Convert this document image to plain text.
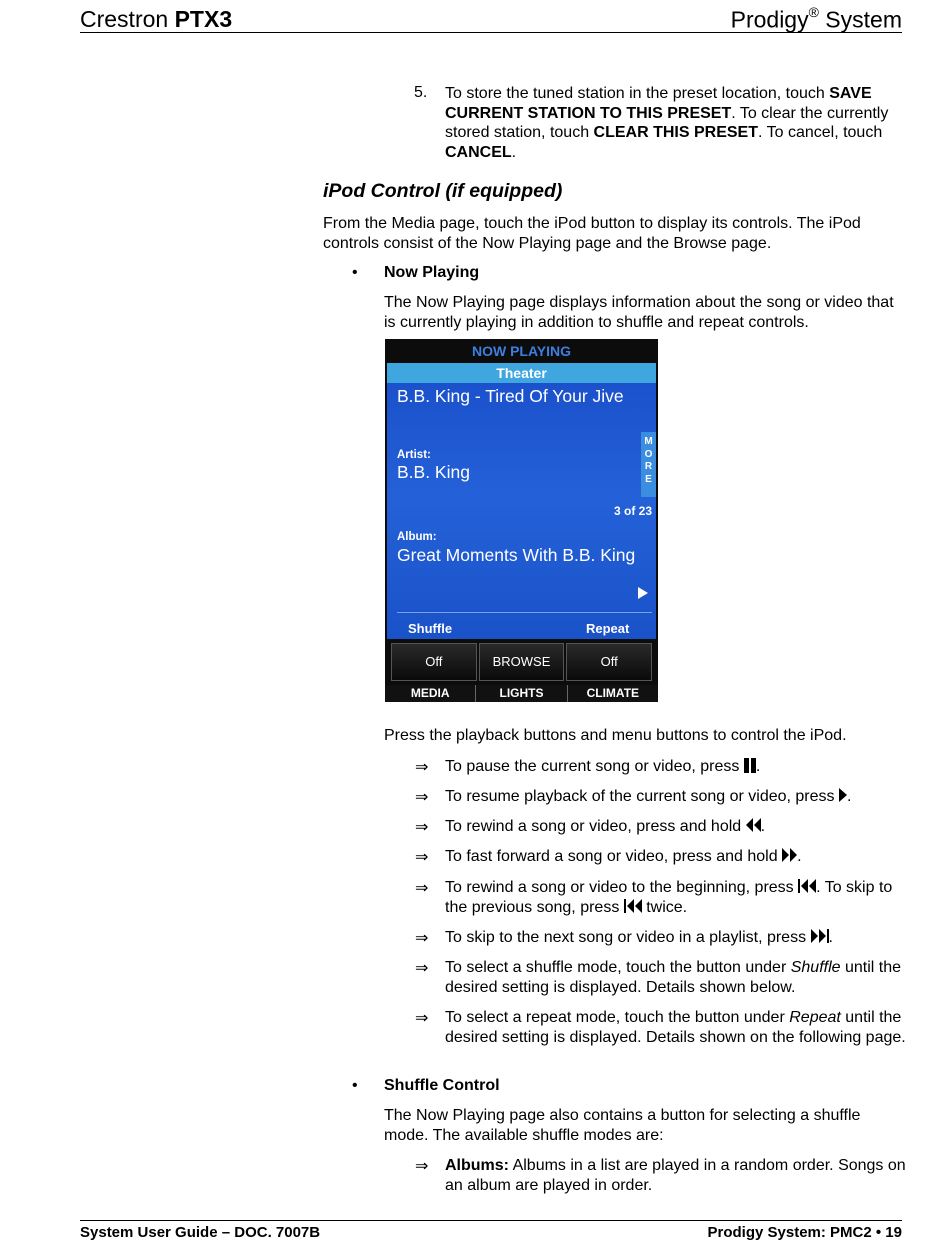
Crestron PTX3	Prodigy® System
5. To store the tuned station in the preset location, touch SAVE CURRENT STATION TO THIS PRESET. To clear the currently stored station, touch CLEAR THIS PRESET. To cancel, touch CANCEL.
iPod Control (if equipped)
From the Media page, touch the iPod button to display its controls. The iPod controls consist of the Now Playing page and the Browse page.
• Now Playing
The Now Playing page displays information about the song or video that is currently playing in addition to shuffle and repeat controls.
NOW PLAYING
Theater
B.B. King - Tired Of Your Jive
Artist:
B.B. King
M
O
R
E
3 of 23
Album:
Great Moments With B.B. King
Shuffle	Repeat
Off	BROWSE	Off
MEDIA	LIGHTS	CLIMATE
Press the playback buttons and menu buttons to control the iPod.
⇒ To pause the current song or video, press .
⇒ To resume playback of the current song or video, press .
⇒ To rewind a song or video, press and hold .
⇒ To fast forward a song or video, press and hold .
⇒ To rewind a song or video to the beginning, press . To skip to the previous song, press  twice.
⇒ To skip to the next song or video in a playlist, press .
⇒ To select a shuffle mode, touch the button under Shuffle until the desired setting is displayed. Details shown below.
⇒ To select a repeat mode, touch the button under Repeat until the desired setting is displayed. Details shown on the following page.
• Shuffle Control
The Now Playing page also contains a button for selecting a shuffle mode. The available shuffle modes are:
⇒ Albums: Albums in a list are played in a random order. Songs on an album are played in order.
System User Guide – DOC. 7007B	Prodigy System: PMC2 • 19
